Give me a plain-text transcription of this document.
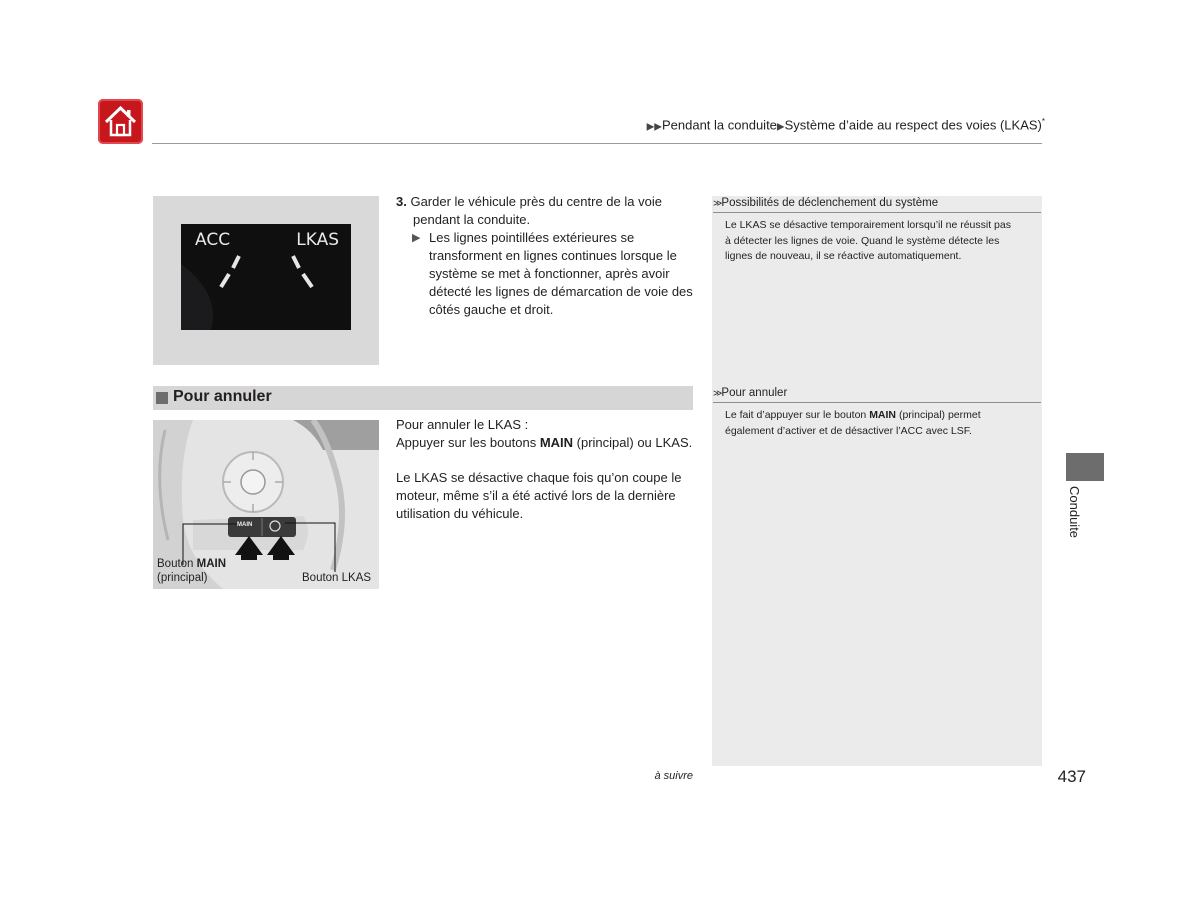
▶▶Pendant la conduite▶Système d’aide au respect des voies (LKAS)*
≫Possibilités de déclenchement du système
Le LKAS se désactive temporairement lorsqu’il ne réussit pas
à détecter les lignes de voie. Quand le système détecte les
lignes de nouveau, il se réactive automatiquement.
≫Pour annuler
Le fait d’appuyer sur le bouton MAIN (principal) permet
également d’activer et de désactiver l’ACC avec LSF.
ACC	LKAS
3. Garder le véhicule près du centre de la voie
pendant la conduite.
▶ Les lignes pointillées extérieures se
transforment en lignes continues lorsque le
système se met à fonctionner, après avoir
détecté les lignes de démarcation de voie des
côtés gauche et droit.
Pour annuler
MAIN
Bouton MAIN
(principal)	Bouton LKAS
Pour annuler le LKAS :
Appuyer sur les boutons MAIN (principal) ou LKAS.
Le LKAS se désactive chaque fois qu’on coupe le
moteur, même s’il a été activé lors de la dernière
utilisation du véhicule.	Conduite
à suivre	437
